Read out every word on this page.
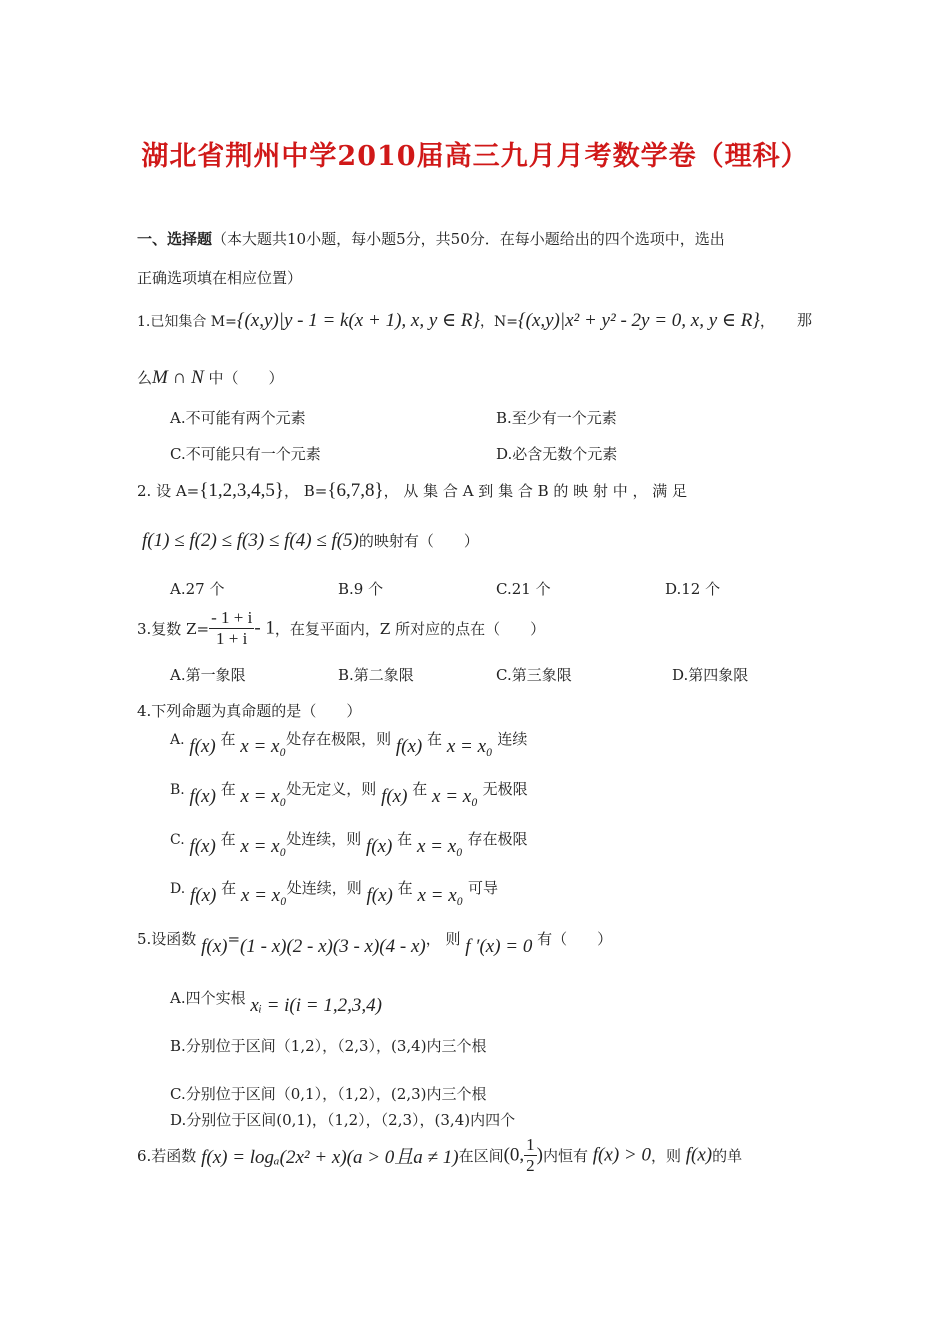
湖北省荆州中学2010届高三九月月考数学卷（理科）
一、选择题（本大题共10小题，每小题5分，共50分．在每小题给出的四个选项中，选出
正确选项填在相应位置）
1.已知集合 M={(x,y)|y - 1 = k(x + 1), x, y ∈ R}，N={(x,y)|x² + y² - 2y = 0, x, y ∈ R}， 那
么M ∩ N 中（　　）
A.不可能有两个元素	B.至少有一个元素
C.不可能只有一个元素	D.必含无数个元素
2. 设 A={1,2,3,4,5}， B={6,7,8}， 从 集 合 A 到 集 合 B 的 映 射 中 ， 满 足
f(1) ≤ f(2) ≤ f(3) ≤ f(4) ≤ f(5)的映射有（　　）
A.27 个	B.9 个	C.21 个	D.12 个
3.复数 $Z= \frac{- 1 + i}{1 + i} - 1$，在复平面内，Z 所对应的点在（　　）
A.第一象限	B.第二象限	C.第三象限	D.第四象限
4.下列命题为真命题的是（　　）
A. f(x) 在 x = x₀处存在极限，则 f(x) 在 x = x₀ 连续
B. f(x) 在 x = x₀处无定义，则 f(x) 在 x = x₀ 无极限
C. f(x) 在 x = x₀处连续，则 f(x) 在 x = x₀ 存在极限
D. f(x) 在 x = x₀处连续，则 f(x) 在 x = x₀ 可导
5.设函数 f(x)=(1 - x)(2 - x)(3 - x)(4 - x)， 则 f ′(x) = 0 有（　　）
A.四个实根 xᵢ = i(i = 1,2,3,4)
B.分别位于区间（1,2），（2,3），(3,4)内三个根
C.分别位于区间（0,1），（1,2），(2,3)内三个根
D.分别位于区间(0,1)，（1,2），（2,3），(3,4)内四个
6.若函数 f(x) = logₐ(2x² + x)(a > 0且a ≠ 1)在区间(0, $\frac{1}{2}$ )内恒有 f(x) > 0，则 f(x)的单
